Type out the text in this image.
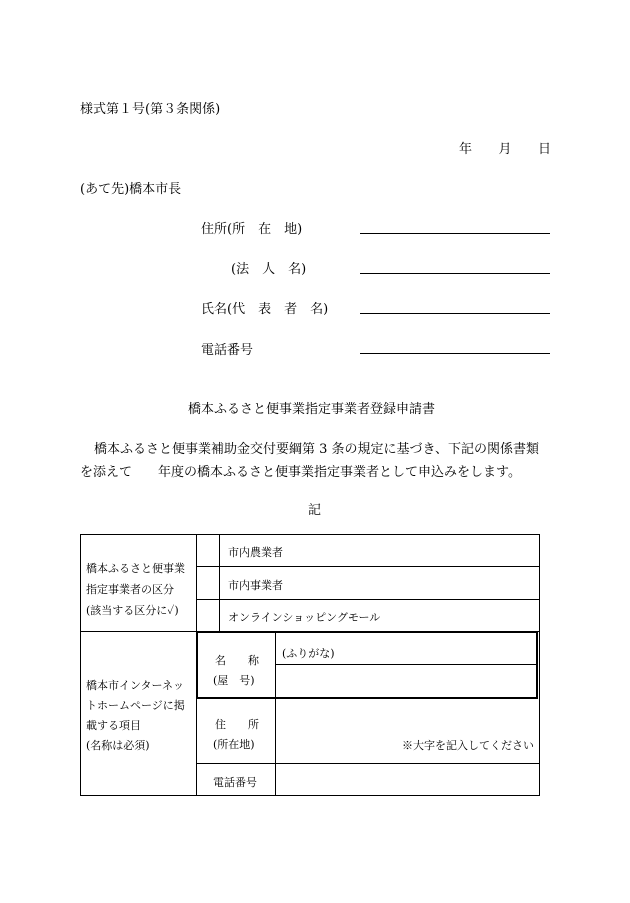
様式第１号(第３条関係)
年 月 日
(あて先)橋本市長
住所(所　在　地)
(法　人　名)
氏名(代　表　者　名)
電話番号
橋本ふるさと便事業指定事業者登録申請書
橋本ふるさと便事業補助金交付要綱第 3 条の規定に基づき、下記の関係書類
を添えて　　年度の橋本ふるさと便事業指定事業者として申込みをします。
記
橋本ふるさと便事業
指定事業者の区分
(該当する区分に✓)
市内農業者
市内事業者
オンラインショッピングモール
橋本市インターネッ
トホームページに掲
載する項目
(名称は必須)
名　　称
(屋　号)
(ふりがな)
住　　所
(所在地)	※大字を記入してください
電話番号
